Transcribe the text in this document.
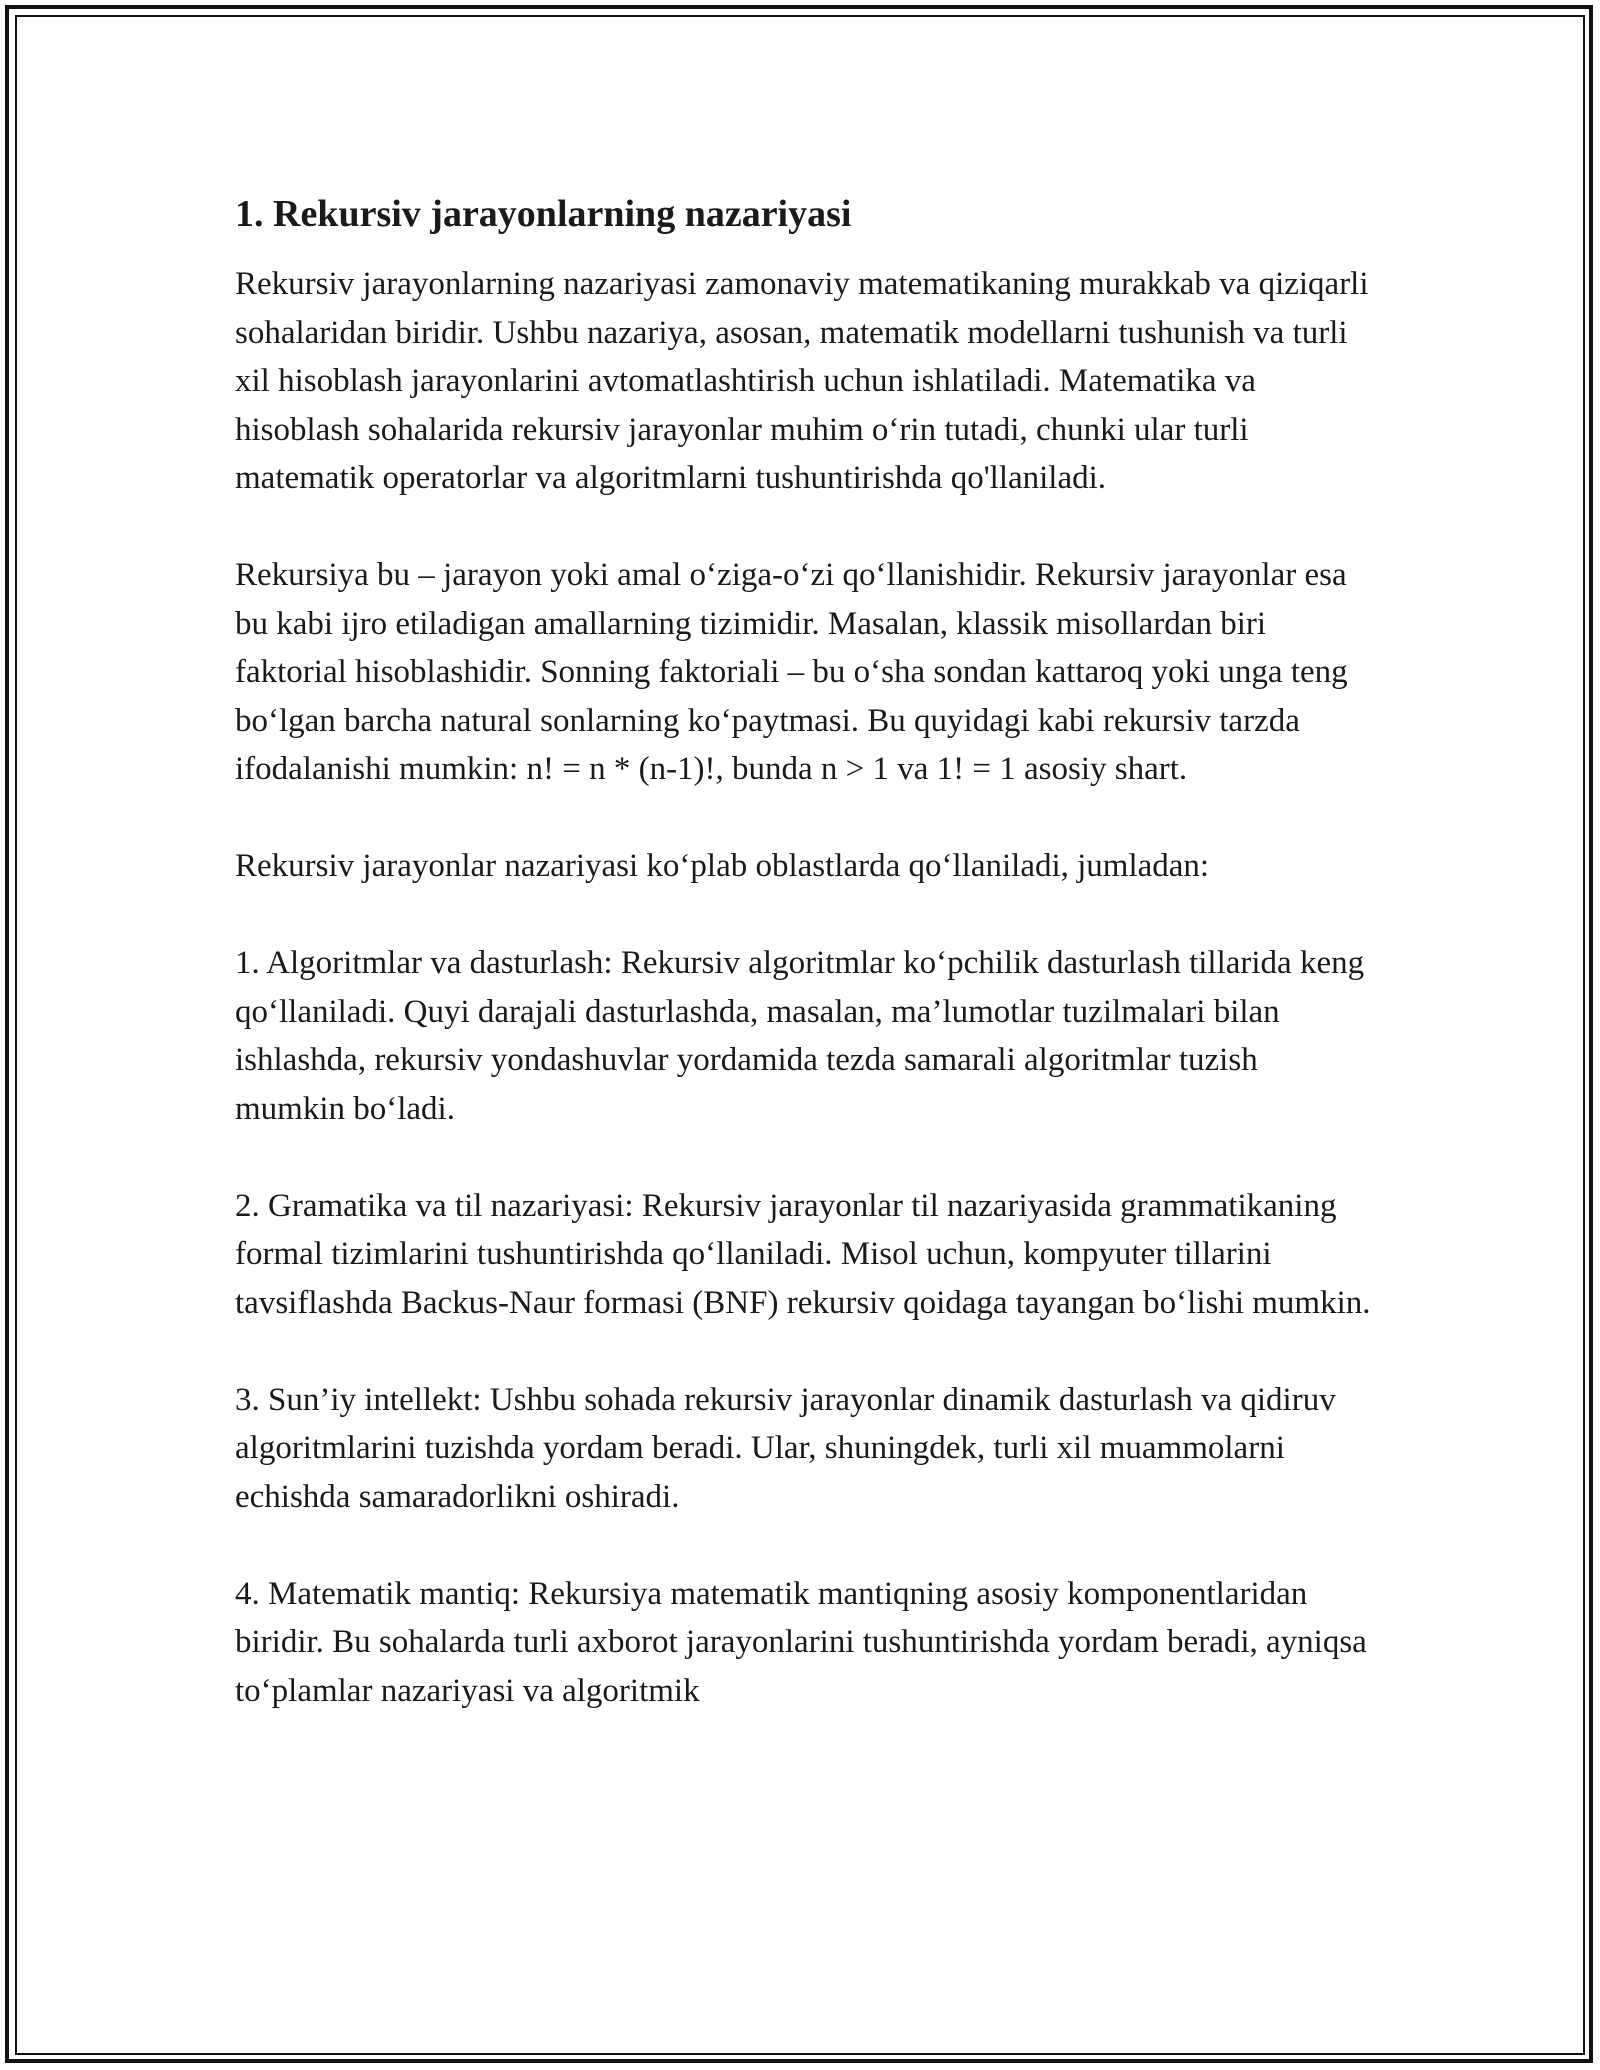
1. Rekursiv jarayonlarning nazariyasi

Rekursiv jarayonlarning nazariyasi zamonaviy matematikaning murakkab va qiziqarli sohalaridan biridir. Ushbu nazariya, asosan, matematik modellarni tushunish va turli xil hisoblash jarayonlarini avtomatlashtirish uchun ishlatiladi. Matematika va hisoblash sohalarida rekursiv jarayonlar muhim o‘rin tutadi, chunki ular turli matematik operatorlar va algoritmlarni tushuntirishda qo'llaniladi.

Rekursiya bu – jarayon yoki amal o‘ziga-o‘zi qo‘llanishidir. Rekursiv jarayonlar esa bu kabi ijro etiladigan amallarning tizimidir. Masalan, klassik misollardan biri faktorial hisoblashidir. Sonning faktoriali – bu o‘sha sondan kattaroq yoki unga teng bo‘lgan barcha natural sonlarning ko‘paytmasi. Bu quyidagi kabi rekursiv tarzda ifodalanishi mumkin: n! = n * (n-1)!, bunda n > 1 va 1! = 1 asosiy shart.

Rekursiv jarayonlar nazariyasi ko‘plab oblastlarda qo‘llaniladi, jumladan:

1. Algoritmlar va dasturlash: Rekursiv algoritmlar ko‘pchilik dasturlash tillarida keng qo‘llaniladi. Quyi darajali dasturlashda, masalan, ma’lumotlar tuzilmalari bilan ishlashda, rekursiv yondashuvlar yordamida tezda samarali algoritmlar tuzish mumkin bo‘ladi.

2. Gramatika va til nazariyasi: Rekursiv jarayonlar til nazariyasida grammatikaning formal tizimlarini tushuntirishda qo‘llaniladi. Misol uchun, kompyuter tillarini tavsiflashda Backus-Naur formasi (BNF) rekursiv qoidaga tayangan bo‘lishi mumkin.

3. Sun’iy intellekt: Ushbu sohada rekursiv jarayonlar dinamik dasturlash va qidiruv algoritmlarini tuzishda yordam beradi. Ular, shuningdek, turli xil muammolarni echishda samaradorlikni oshiradi.

4. Matematik mantiq: Rekursiya matematik mantiqning asosiy komponentlaridan biridir. Bu sohalarda turli axborot jarayonlarini tushuntirishda yordam beradi, ayniqsa to‘plamlar nazariyasi va algoritmik
